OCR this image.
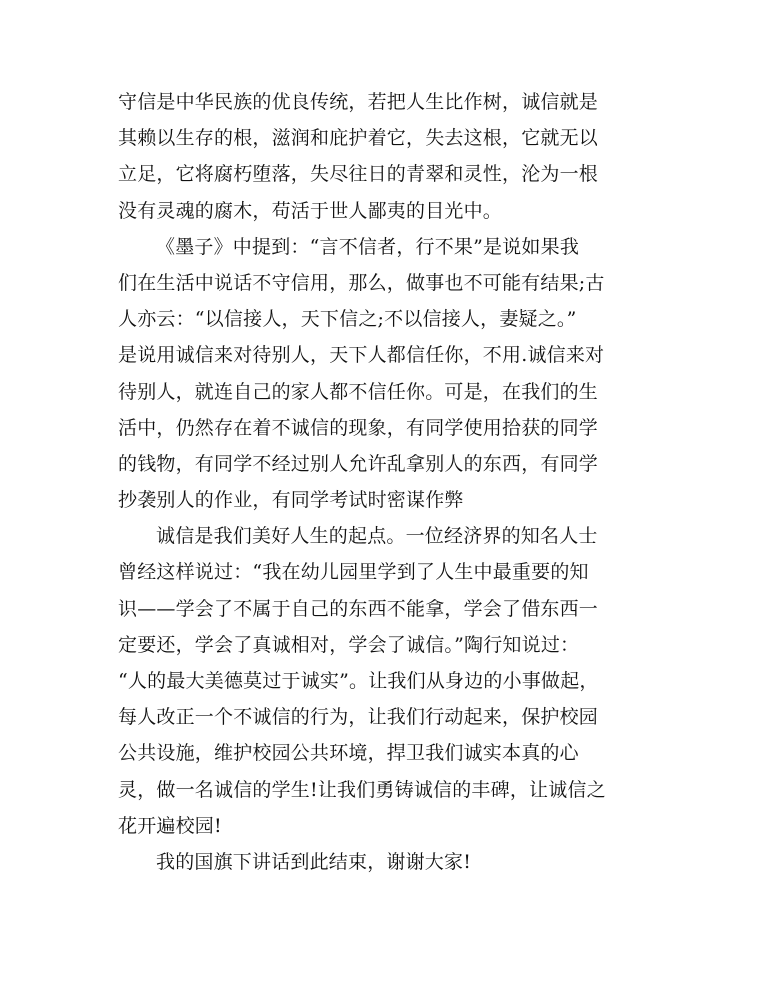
守信是中华民族的优良传统，若把人生比作树，诚信就是
其赖以生存的根，滋润和庇护着它，失去这根，它就无以
立足，它将腐朽堕落，失尽往日的青翠和灵性，沦为一根
没有灵魂的腐木，苟活于世人鄙夷的目光中。
《墨子》中提到：“言不信者，行不果”是说如果我
们在生活中说话不守信用，那么，做事也不可能有结果;古
人亦云：“以信接人，天下信之;不以信接人，妻疑之。”
是说用诚信来对待别人，天下人都信任你，不用.诚信来对
待别人，就连自己的家人都不信任你。可是，在我们的生
活中，仍然存在着不诚信的现象，有同学使用拾获的同学
的钱物，有同学不经过别人允许乱拿别人的东西，有同学
抄袭别人的作业，有同学考试时密谋作弊
诚信是我们美好人生的起点。一位经济界的知名人士
曾经这样说过：“我在幼儿园里学到了人生中最重要的知
识——学会了不属于自己的东西不能拿，学会了借东西一
定要还，学会了真诚相对，学会了诚信。”陶行知说过：
“人的最大美德莫过于诚实”。让我们从身边的小事做起，
每人改正一个不诚信的行为，让我们行动起来，保护校园
公共设施，维护校园公共环境，捍卫我们诚实本真的心
灵，做一名诚信的学生!让我们勇铸诚信的丰碑，让诚信之
花开遍校园!
我的国旗下讲话到此结束，谢谢大家!
